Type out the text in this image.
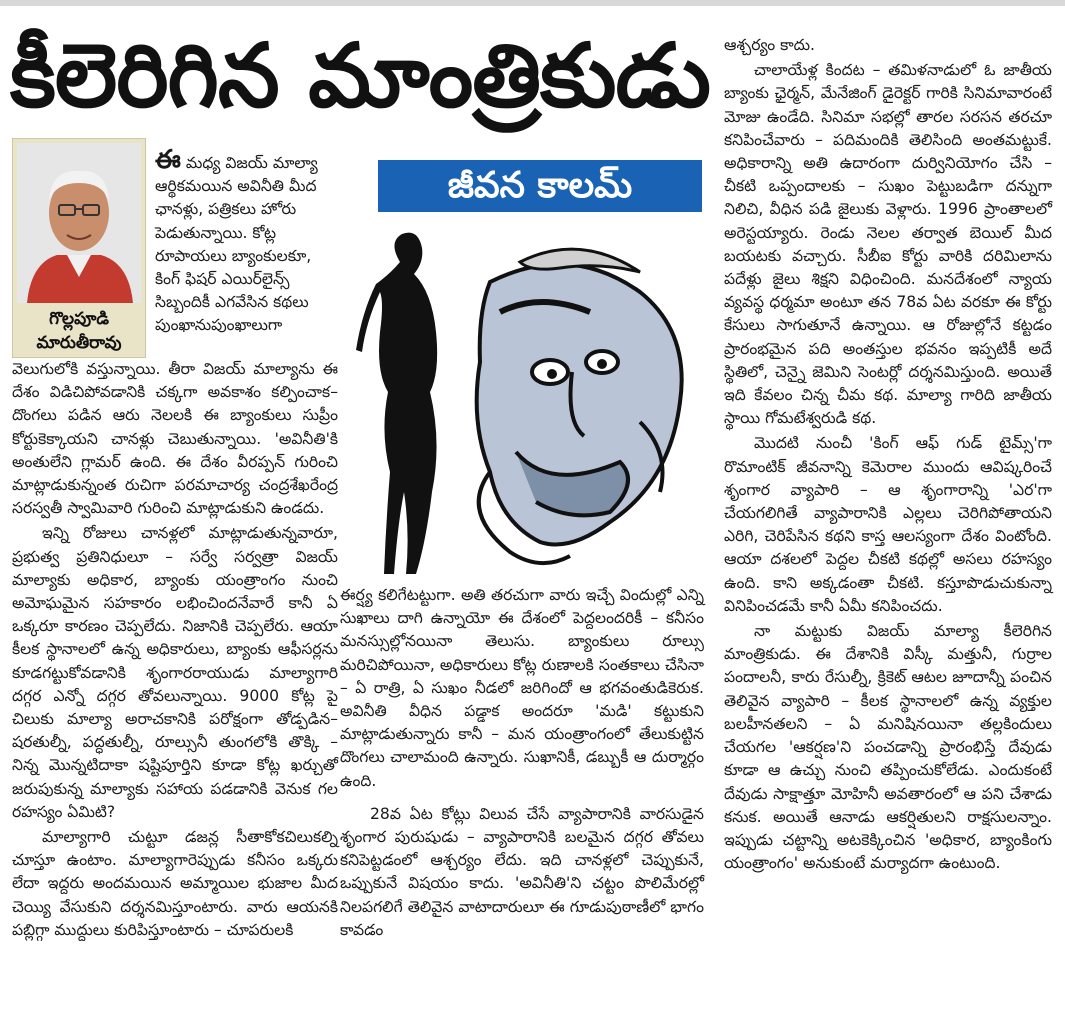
కీలెరిగిన మాంత్రికుడు
గొల్లపూడి
మారుతీరావు
ఈ మధ్య విజయ్ మాల్యా
ఆర్థికమయిన అవినీతి మీద
ఛానళ్లు, పత్రికలు హోరు
పెడుతున్నాయి. కోట్ల
రూపాయలు బ్యాంకులకూ,
కింగ్ ఫిషర్ ఎయిర్‌లైన్స్
సిబ్బందికీ ఎగవేసిన కథలు
పుంఖానుపుంఖాలుగా

వెలుగులోకి వస్తున్నాయి. తీరా విజయ్ మాల్యాను ఈ దేశం విడిచిపోవడానికి చక్కగా అవకాశం కల్పించాక– దొంగలు పడిన ఆరు నెలలకి ఈ బ్యాంకులు సుప్రీం కోర్టుకెక్కాయని చానళ్లు చెబుతున్నాయి. 'అవినీతి'కి అంతులేని గ్లామర్ ఉంది. ఈ దేశం వీరప్పన్ గురించి మాట్లాడుకున్నంత రుచిగా పరమాచార్య చంద్రశేఖరేంద్ర సరస్వతీ స్వామివారి గురించి మాట్లాడుకుని ఉండదు.

ఇన్ని రోజులు చానళ్లలో మాట్లాడుతున్నవారూ, ప్రభుత్వ ప్రతినిధులూ – సర్వే సర్వత్రా విజయ్ మాల్యాకు అధికార, బ్యాంకు యంత్రాంగం నుంచి అమోఘమైన సహకారం లభించిందనేవారే కానీ ఏ ఒక్కరూ కారణం చెప్పలేదు. నిజానికి చెప్పలేరు. ఆయా కీలక స్థానాలలో ఉన్న అధికారులు, బ్యాంకు ఆఫీసర్లను కూడగట్టుకోవడానికి శృంగారరాయుడు మాల్యాగారి దగ్గర ఎన్నో దగ్గర తోవలున్నాయి. 9000 కోట్ల పై చిలుకు మాల్యా అరాచకానికి పరోక్షంగా తోడ్పడిన– షరతుల్నీ, పద్ధతుల్నీ, రూల్సునీ తుంగలోకి తొక్కి – నిన్న మొన్నటిదాకా షష్టిపూర్తిని కూడా కోట్ల ఖర్చుతో జరుపుకున్న మాల్యాకు సహాయ పడడానికి వెనుక గల రహస్యం ఏమిటి?

మాల్యాగారి చుట్టూ డజన్ల సీతాకోకచిలుకల్ని చూస్తూ ఉంటాం. మాల్యాగారెప్పుడు కనీసం ఒక్కరు లేదా ఇద్దరు అందమయిన అమ్మాయిల భుజాల మీద చెయ్యి వేసుకుని దర్శనమిస్తూంటారు. వారు ఆయనకి పబ్లిగ్గా ముద్దులు కురిపిస్తూంటారు – చూపరులకి

జీవన కాలమ్

ఈర్ష్య కలిగేటట్టుగా. అతి తరచుగా వారు ఇచ్చే విందుల్లో ఎన్ని సుఖాలు దాగి ఉన్నాయో ఈ దేశంలో పెద్దలందరికీ – కనీసం మనస్సుల్లోనయినా తెలుసు. బ్యాంకులు రూల్సు మరిచిపోయినా, అధికారులు కోట్ల రుణాలకి సంతకాలు చేసినా – ఏ రాత్రి, ఏ సుఖం నీడలో జరిగిందో ఆ భగవంతుడికెరుక. అవినీతి వీధిన పడ్డాక అందరూ 'మడి' కట్టుకుని మాట్లాడుతున్నారు కానీ – మన యంత్రాంగంలో తేలుకుట్టిన దొంగలు చాలామంది ఉన్నారు. సుఖానికీ, డబ్బుకీ ఆ దుర్మార్గం ఉంది.

28వ ఏట కోట్లు విలువ చేసే వ్యాపారానికి వారసుడైన శృంగార పురుషుడు – వ్యాపారానికి బలమైన దగ్గర తోవలు కనిపెట్టడంలో ఆశ్చర్యం లేదు. ఇది చానళ్లలో చెప్పుకునే, ఒప్పుకునే విషయం కాదు. 'అవినీతి'ని చట్టం పొలిమేరల్లో నిలపగలిగే తెలివైన వాటాదారులూ ఈ గూడుపుఠాణీలో భాగం కావడం

ఆశ్చర్యం కాదు.

చాలాయేళ్ల కిందట – తమిళనాడులో ఓ జాతీయ బ్యాంకు ఛైర్మన్, మేనేజింగ్ డైరెక్టర్ గారికి సినిమావారంటే మోజు ఉండేది. సినిమా సభల్లో తారల సరసన తరచూ కనిపించేవారు – పదిమందికి తెలిసింది అంతమట్టుకే. అధికారాన్ని అతి ఉదారంగా దుర్వినియోగం చేసి – చీకటి ఒప్పందాలకు – సుఖం పెట్టుబడిగా దన్నుగా నిలిచి, వీధిన పడి జైలుకు వెళ్లారు. 1996 ప్రాంతాలలో అరెస్టయ్యారు. రెండు నెలల తర్వాత బెయిల్ మీద బయటకు వచ్చారు. సీబీఐ కోర్టు వారికి దరిమిలాను పదేళ్లు జైలు శిక్షని విధించింది. మనదేశంలో న్యాయ వ్యవస్థ ధర్మమా అంటూ తన 78వ ఏట వరకూ ఈ కోర్టు కేసులు సాగుతూనే ఉన్నాయి. ఆ రోజుల్లోనే కట్టడం ప్రారంభమైన పది అంతస్తుల భవనం ఇప్పటికీ అదే స్థితిలో, చెన్నై జెమిని సెంటర్లో దర్శనమిస్తుంది. అయితే ఇది కేవలం చిన్న చీమ కథ. మాల్యా గారిది జాతీయ స్థాయి గోమటేశ్వరుడి కథ.

మొదటి నుంచీ 'కింగ్ ఆఫ్ గుడ్ టైమ్స్'గా రొమాంటిక్ జీవనాన్ని కెమెరాల ముందు ఆవిష్కరించే శృంగార వ్యాపారి – ఆ శృంగారాన్ని 'ఎర'గా చేయగలిగితే వ్యాపారానికి ఎల్లలు చెరిగిపోతాయని ఎరిగి, చెరిపేసిన కథని కాస్త ఆలస్యంగా దేశం వింటోంది. ఆయా దశలలో పెద్దల చీకటి కథల్లో అసలు రహస్యం ఉంది. కాని అక్కడంతా చీకటి. కస్తూపొడుచుకున్నా వినిపించడమే కానీ ఏమీ కనిపించదు.

నా మట్టుకు విజయ్ మాల్యా కీలెరిగిన మాంత్రికుడు. ఈ దేశానికి విస్కీ మత్తునీ, గుర్రాల పందాలనీ, కారు రేసుల్నీ, క్రికెట్ ఆటల జూదాన్నీ పంచిన తెలివైన వ్యాపారి – కీలక స్థానాలలో ఉన్న వ్యక్తుల బలహీనతలని – ఏ మనిషినయినా తల్లకిందులు చేయగల 'ఆకర్షణ'ని పంచడాన్ని ప్రారంభిస్తే దేవుడు కూడా ఆ ఉచ్చు నుంచి తప్పించుకోలేడు. ఎందుకంటే దేవుడు సాక్షాత్తూ మోహినీ అవతారంలో ఆ పని చేశాడు కనుక. అయితే ఆనాడు ఆకర్షితులని రాక్షసులన్నాం. ఇప్పుడు చట్టాన్ని అటకెక్కించిన 'అధికార, బ్యాంకింగు యంత్రాంగం' అనుకుంటే మర్యాదగా ఉంటుంది.
